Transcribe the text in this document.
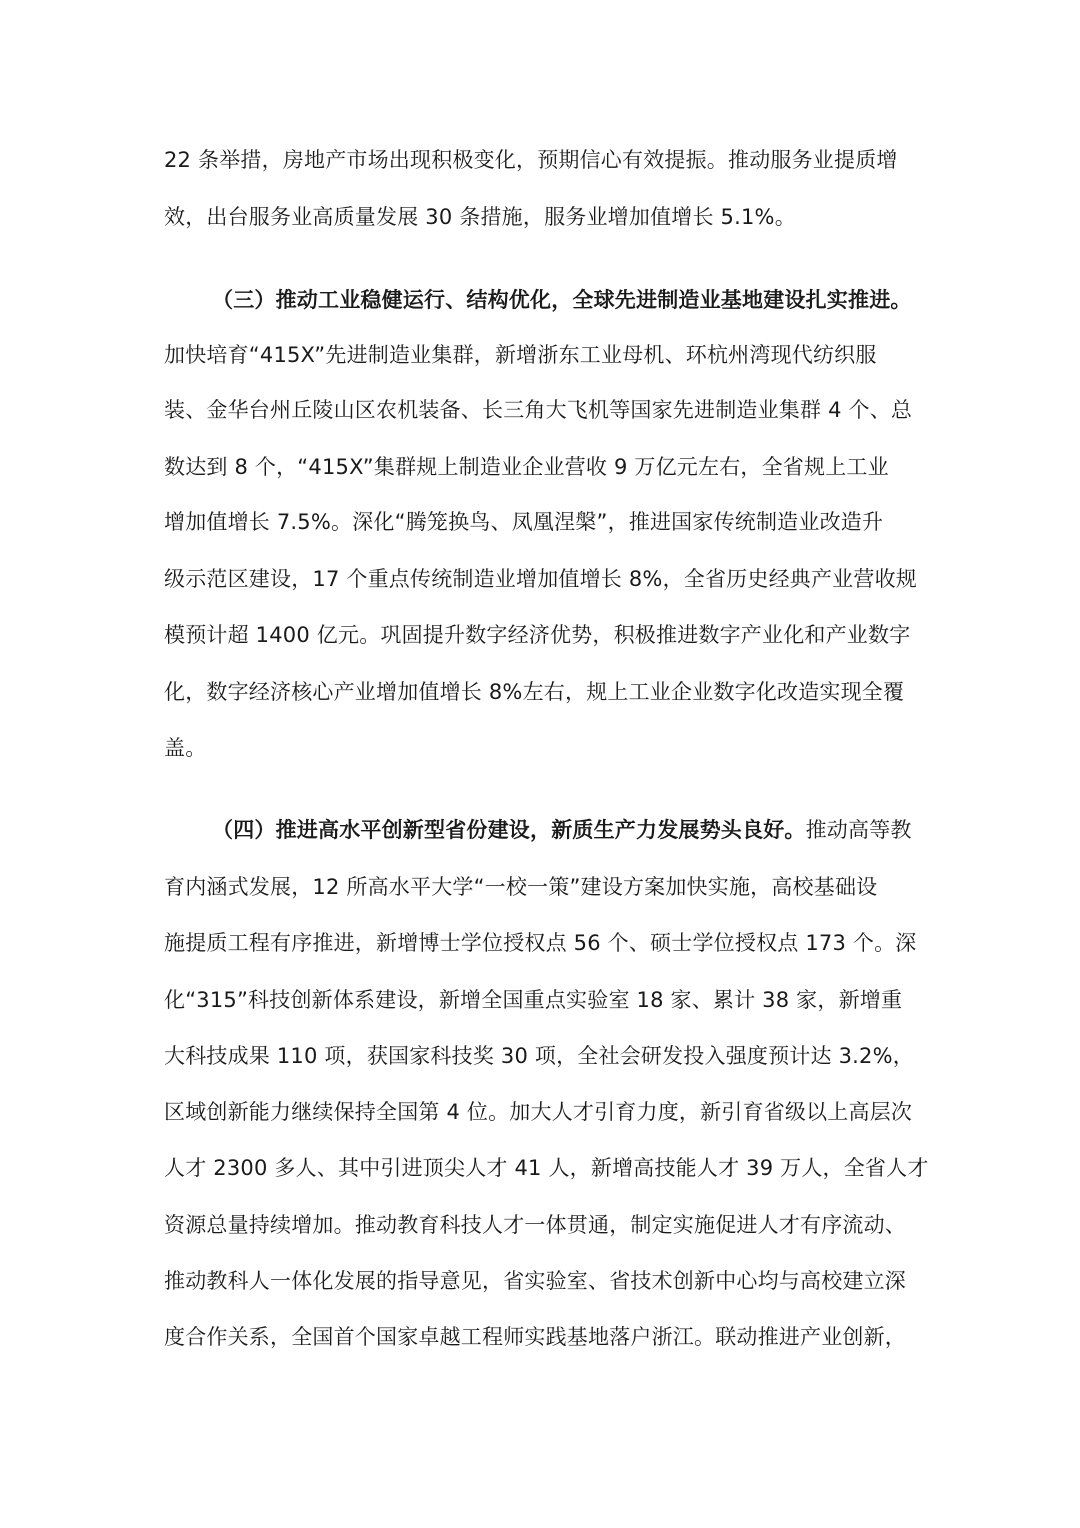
22 条举措，房地产市场出现积极变化，预期信心有效提振。推动服务业提质增
效，出台服务业高质量发展 30 条措施，服务业增加值增长 5.1%。
（三）推动工业稳健运行、结构优化，全球先进制造业基地建设扎实推进。
加快培育“415X”先进制造业集群，新增浙东工业母机、环杭州湾现代纺织服
装、金华台州丘陵山区农机装备、长三角大飞机等国家先进制造业集群 4 个、总
数达到 8 个，“415X”集群规上制造业企业营收 9 万亿元左右，全省规上工业
增加值增长 7.5%。深化“腾笼换鸟、凤凰涅槃”，推进国家传统制造业改造升
级示范区建设，17 个重点传统制造业增加值增长 8%，全省历史经典产业营收规
模预计超 1400 亿元。巩固提升数字经济优势，积极推进数字产业化和产业数字
化，数字经济核心产业增加值增长 8%左右，规上工业企业数字化改造实现全覆
盖。
（四）推进高水平创新型省份建设，新质生产力发展势头良好。推动高等教
育内涵式发展，12 所高水平大学“一校一策”建设方案加快实施，高校基础设
施提质工程有序推进，新增博士学位授权点 56 个、硕士学位授权点 173 个。深
化“315”科技创新体系建设，新增全国重点实验室 18 家、累计 38 家，新增重
大科技成果 110 项，获国家科技奖 30 项，全社会研发投入强度预计达 3.2%，
区域创新能力继续保持全国第 4 位。加大人才引育力度，新引育省级以上高层次
人才 2300 多人、其中引进顶尖人才 41 人，新增高技能人才 39 万人，全省人才
资源总量持续增加。推动教育科技人才一体贯通，制定实施促进人才有序流动、
推动教科人一体化发展的指导意见，省实验室、省技术创新中心均与高校建立深
度合作关系，全国首个国家卓越工程师实践基地落户浙江。联动推进产业创新，
